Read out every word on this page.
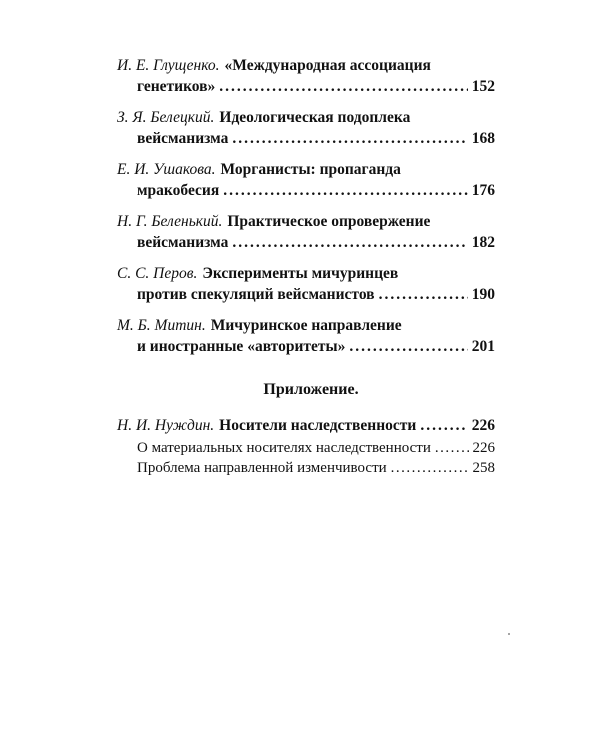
И. Е. Глущенко. «Международная ассоциация
генетиков» .....	152
З. Я. Белецкий. Идеологическая подоплека
вейсманизма .....	168
Е. И. Ушакова. Морганисты: пропаганда
мракобесия .....	176
Н. Г. Беленький. Практическое опровержение
вейсманизма .....	182
С. С. Перов. Эксперименты мичуринцев
против спекуляций вейсманистов .....	190
М. Б. Митин. Мичуринское направление
и иностранные «авторитеты» .....	201
Приложение.
Н. И. Нуждин. Носители наследственности .....	226
О материальных носителях наследственности .....	226
Проблема направленной изменчивости .....	258
